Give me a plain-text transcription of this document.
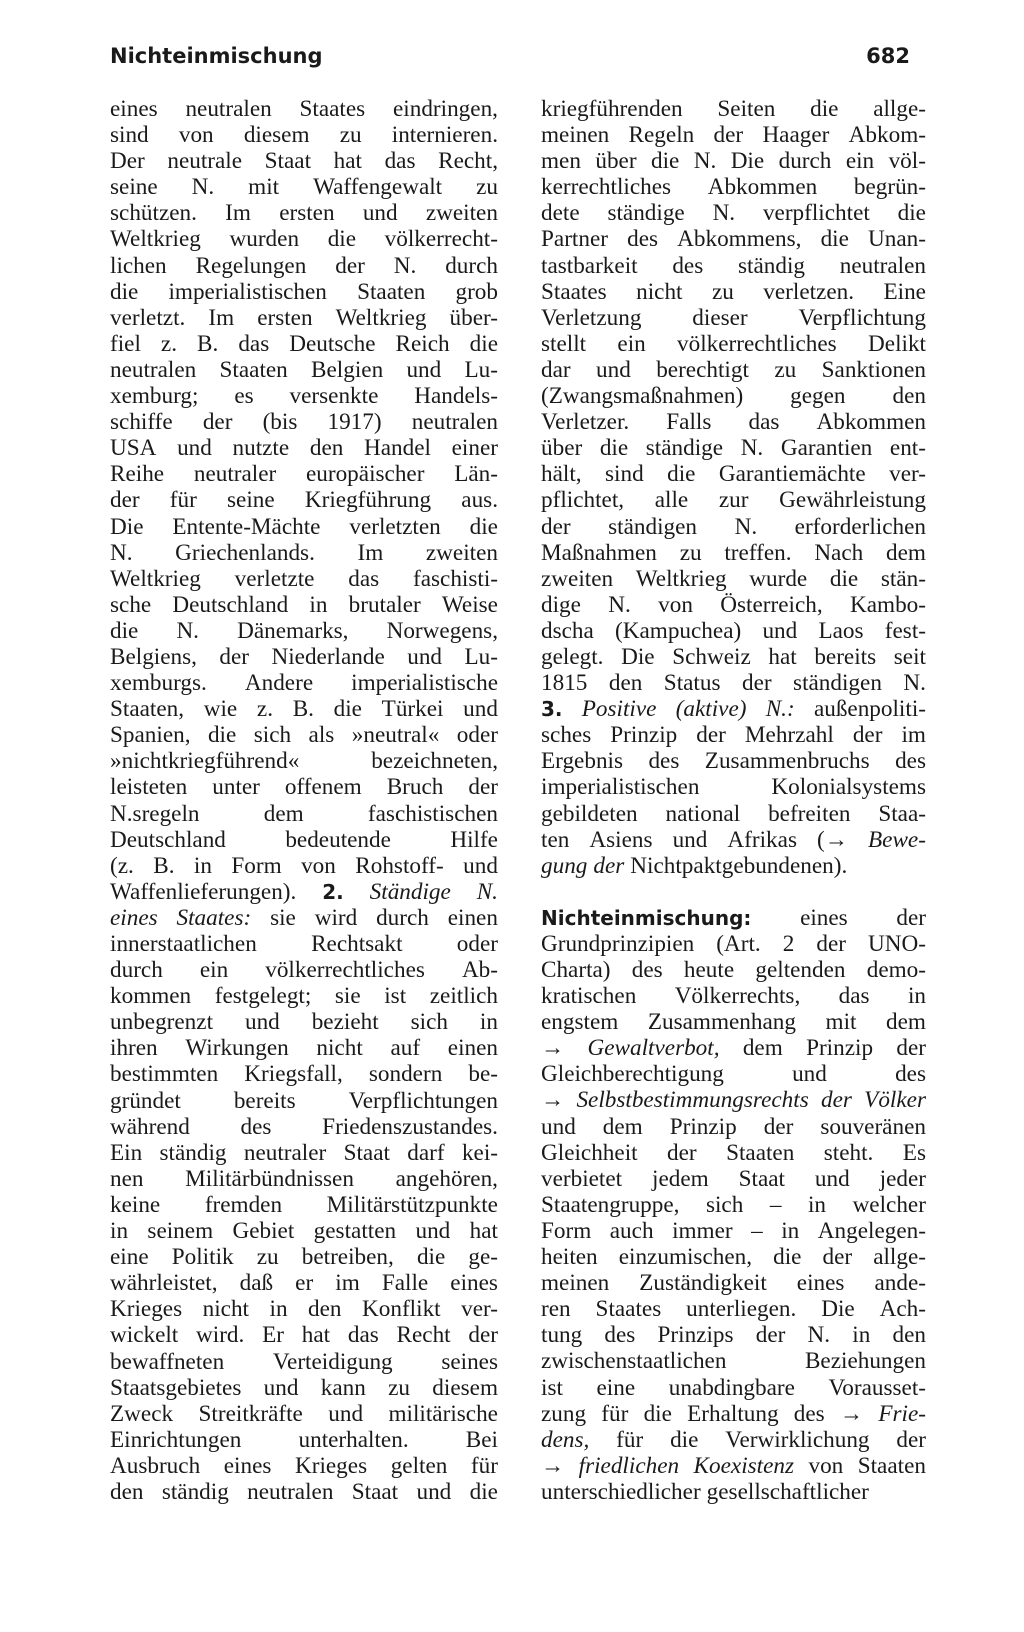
Nichteinmischung	682
eines neutralen Staates eindringen,
sind von diesem zu internieren.
Der neutrale Staat hat das Recht,
seine N. mit Waffengewalt zu
schützen. Im ersten und zweiten
Weltkrieg wurden die völkerrecht-
lichen Regelungen der N. durch
die imperialistischen Staaten grob
verletzt. Im ersten Weltkrieg über-
fiel z. B. das Deutsche Reich die
neutralen Staaten Belgien und Lu-
xemburg; es versenkte Handels-
schiffe der (bis 1917) neutralen
USA und nutzte den Handel einer
Reihe neutraler europäischer Län-
der für seine Kriegführung aus.
Die Entente-Mächte verletzten die
N. Griechenlands. Im zweiten
Weltkrieg verletzte das faschisti-
sche Deutschland in brutaler Weise
die N. Dänemarks, Norwegens,
Belgiens, der Niederlande und Lu-
xemburgs. Andere imperialistische
Staaten, wie z. B. die Türkei und
Spanien, die sich als »neutral« oder
»nichtkriegführend«	bezeichneten,
leisteten unter offenem Bruch der
N.sregeln	dem	faschistischen
Deutschland	bedeutende	Hilfe
(z. B. in Form von Rohstoff- und
Waffenlieferungen). 2. Ständige N.
eines Staates: sie wird durch einen
innerstaatlichen Rechtsakt oder
durch ein völkerrechtliches Ab-
kommen festgelegt; sie ist zeitlich
unbegrenzt und bezieht sich in
ihren Wirkungen nicht auf einen
bestimmten Kriegsfall, sondern be-
gründet bereits Verpflichtungen
während des Friedenszustandes.
Ein ständig neutraler Staat darf kei-
nen Militärbündnissen angehören,
keine fremden Militärstützpunkte
in seinem Gebiet gestatten und hat
eine Politik zu betreiben, die ge-
währleistet, daß er im Falle eines
Krieges nicht in den Konflikt ver-
wickelt wird. Er hat das Recht der
bewaffneten Verteidigung seines
Staatsgebietes und kann zu diesem
Zweck Streitkräfte und militärische
Einrichtungen unterhalten. Bei
Ausbruch eines Krieges gelten für
den ständig neutralen Staat und die
kriegführenden Seiten die allge-
meinen Regeln der Haager Abkom-
men über die N. Die durch ein völ-
kerrechtliches Abkommen begrün-
dete ständige N. verpflichtet die
Partner des Abkommens, die Unan-
tastbarkeit des ständig neutralen
Staates nicht zu verletzen. Eine
Verletzung dieser Verpflichtung
stellt ein völkerrechtliches Delikt
dar und berechtigt zu Sanktionen
(Zwangsmaßnahmen) gegen den
Verletzer. Falls das Abkommen
über die ständige N. Garantien ent-
hält, sind die Garantiemächte ver-
pflichtet, alle zur Gewährleistung
der ständigen N. erforderlichen
Maßnahmen zu treffen. Nach dem
zweiten Weltkrieg wurde die stän-
dige N. von Österreich, Kambo-
dscha (Kampuchea) und Laos fest-
gelegt. Die Schweiz hat bereits seit
1815 den Status der ständigen N.
3. Positive (aktive) N.: außenpoliti-
sches Prinzip der Mehrzahl der im
Ergebnis des Zusammenbruchs des
imperialistischen	Kolonialsystems
gebildeten national befreiten Staa-
ten Asiens und Afrikas (→ Bewe-
gung der Nichtpaktgebundenen).
Nichteinmischung: eines der
Grundprinzipien (Art. 2 der UNO-
Charta) des heute geltenden demo-
kratischen Völkerrechts, das in
engstem Zusammenhang mit dem
→ Gewaltverbot, dem Prinzip der
Gleichberechtigung	und	des
→ Selbstbestimmungsrechts der Völker
und dem Prinzip der souveränen
Gleichheit der Staaten steht. Es
verbietet jedem Staat und jeder
Staatengruppe, sich – in welcher
Form auch immer – in Angelegen-
heiten einzumischen, die der allge-
meinen Zuständigkeit eines ande-
ren Staates unterliegen. Die Ach-
tung des Prinzips der N. in den
zwischenstaatlichen	Beziehungen
ist eine unabdingbare Vorausset-
zung für die Erhaltung des → Frie-
dens, für die Verwirklichung der
→ friedlichen Koexistenz von Staaten
unterschiedlicher gesellschaftlicher
